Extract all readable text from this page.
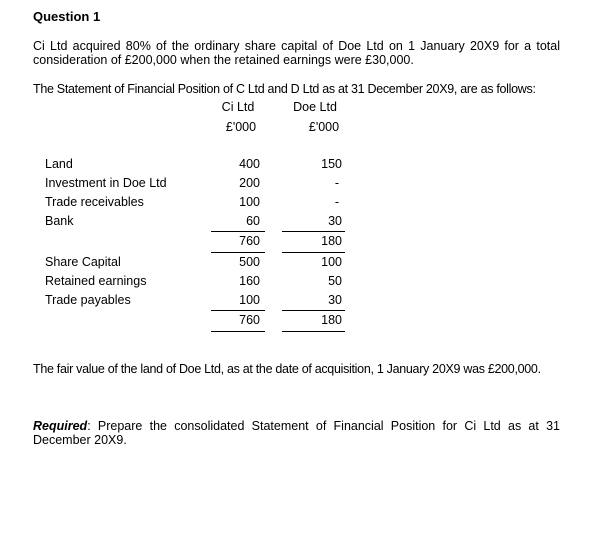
Question 1
Ci Ltd acquired 80% of the ordinary share capital of Doe Ltd on 1 January 20X9 for a total consideration of £200,000 when the retained earnings were £30,000.
The Statement of Financial Position of C Ltd and D Ltd as at 31 December 20X9, are as follows:
Ci Ltd	Doe Ltd
£'000	£'000
Land	400	150
Investment in Doe Ltd	200	-
Trade receivables	100	-
Bank	60	30
760	180
Share Capital	500	100
Retained earnings	160	50
Trade payables	100	30
760	180
The fair value of the land of Doe Ltd, as at the date of acquisition, 1 January 20X9 was £200,000.
Required: Prepare the consolidated Statement of Financial Position for Ci Ltd as at 31 December 20X9.
